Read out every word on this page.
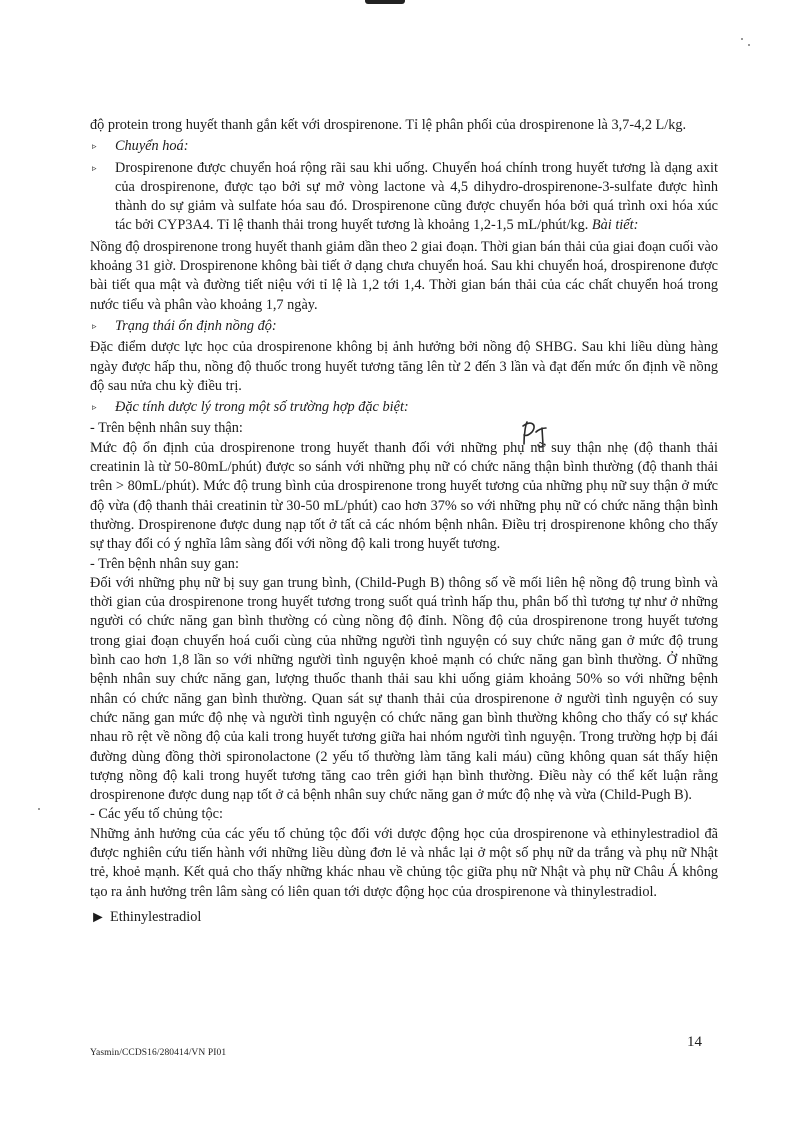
độ protein trong huyết thanh gắn kết với drospirenone. Tỉ lệ phân phối của drospirenone là 3,7-4,2 L/kg.

▹	Chuyển hoá:
▹	Drospirenone được chuyển hoá rộng rãi sau khi uống. Chuyển hoá chính trong huyết tương là dạng axit của drospirenone, được tạo bởi sự mở vòng lactone và 4,5 dihydro-drospirenone-3-sulfate được hình thành do sự giảm và sulfate hóa sau đó. Drospirenone cũng được chuyển hóa bởi quá trình oxi hóa xúc tác bởi CYP3A4. Tỉ lệ thanh thải trong huyết tương là khoảng 1,2-1,5 mL/phút/kg. Bài tiết:

Nồng độ drospirenone trong huyết thanh giảm dần theo 2 giai đoạn. Thời gian bán thải của giai đoạn cuối vào khoảng 31 giờ. Drospirenone không bài tiết ở dạng chưa chuyển hoá. Sau khi chuyển hoá, drospirenone được bài tiết qua mật và đường tiết niệu với tỉ lệ là 1,2 tới 1,4. Thời gian bán thải của các chất chuyển hoá trong nước tiểu và phân vào khoảng 1,7 ngày.

▹	Trạng thái ổn định nồng độ:

Đặc điểm dược lực học của drospirenone không bị ảnh hưởng bởi nồng độ SHBG. Sau khi liều dùng hàng ngày được hấp thu, nồng độ thuốc trong huyết tương tăng lên từ 2 đến 3 lần và đạt đến mức ổn định về nồng độ sau nửa chu kỳ điều trị.

▹	Đặc tính dược lý trong một số trường hợp đặc biệt:

- Trên bệnh nhân suy thận:

Mức độ ổn định của drospirenone trong huyết thanh đối với những phụ nữ suy thận nhẹ (độ thanh thải creatinin là từ 50-80mL/phút) được so sánh với những phụ nữ có chức năng thận bình thường (độ thanh thải trên > 80mL/phút). Mức độ trung bình của drospirenone trong huyết tương của những phụ nữ suy thận ở mức độ vừa (độ thanh thải creatinin từ 30-50 mL/phút) cao hơn 37% so với những phụ nữ có chức năng thận bình thường. Drospirenone được dung nạp tốt ở tất cả các nhóm bệnh nhân. Điều trị drospirenone không cho thấy sự thay đổi có ý nghĩa lâm sàng đối với nồng độ kali trong huyết tương.

- Trên bệnh nhân suy gan:

Đối với những phụ nữ bị suy gan trung bình, (Child-Pugh B) thông số về mối liên hệ nồng độ trung bình và thời gian của drospirenone trong huyết tương trong suốt quá trình hấp thu, phân bố thì tương tự như ở những người có chức năng gan bình thường có cùng nồng độ đỉnh. Nồng độ của drospirenone trong huyết tương trong giai đoạn chuyển hoá cuối cùng của những người tình nguyện có suy chức năng gan ở mức độ trung bình cao hơn 1,8 lần so với những người tình nguyện khoẻ mạnh có chức năng gan bình thường. Ở những bệnh nhân suy chức năng gan, lượng thuốc thanh thải sau khi uống giảm khoảng 50% so với những bệnh nhân có chức năng gan bình thường. Quan sát sự thanh thải của drospirenone ở người tình nguyện có suy chức năng gan mức độ nhẹ và người tình nguyện có chức năng gan bình thường không cho thấy có sự khác nhau rõ rệt về nồng độ của kali trong huyết tương giữa hai nhóm người tình nguyện. Trong trường hợp bị đái đường dùng đồng thời spironolactone (2 yếu tố thường làm tăng kali máu) cũng không quan sát thấy hiện tượng nồng độ kali trong huyết tương tăng cao trên giới hạn bình thường. Điều này có thể kết luận rằng drospirenone được dung nạp tốt ở cả bệnh nhân suy chức năng gan ở mức độ nhẹ và vừa (Child-Pugh B).

- Các yếu tố chủng tộc:

Những ảnh hưởng của các yếu tố chủng tộc đối với dược động học của drospirenone và ethinylestradiol đã được nghiên cứu tiến hành với những liều dùng đơn lẻ và nhắc lại ở một số phụ nữ da trắng và phụ nữ Nhật trẻ, khoẻ mạnh. Kết quả cho thấy những khác nhau về chủng tộc giữa phụ nữ Nhật và phụ nữ Châu Á không tạo ra ảnh hưởng trên lâm sàng có liên quan tới dược động học của drospirenone và thinylestradiol.

► Ethinylestradiol
Yasmin/CCDS16/280414/VN PI01
14
